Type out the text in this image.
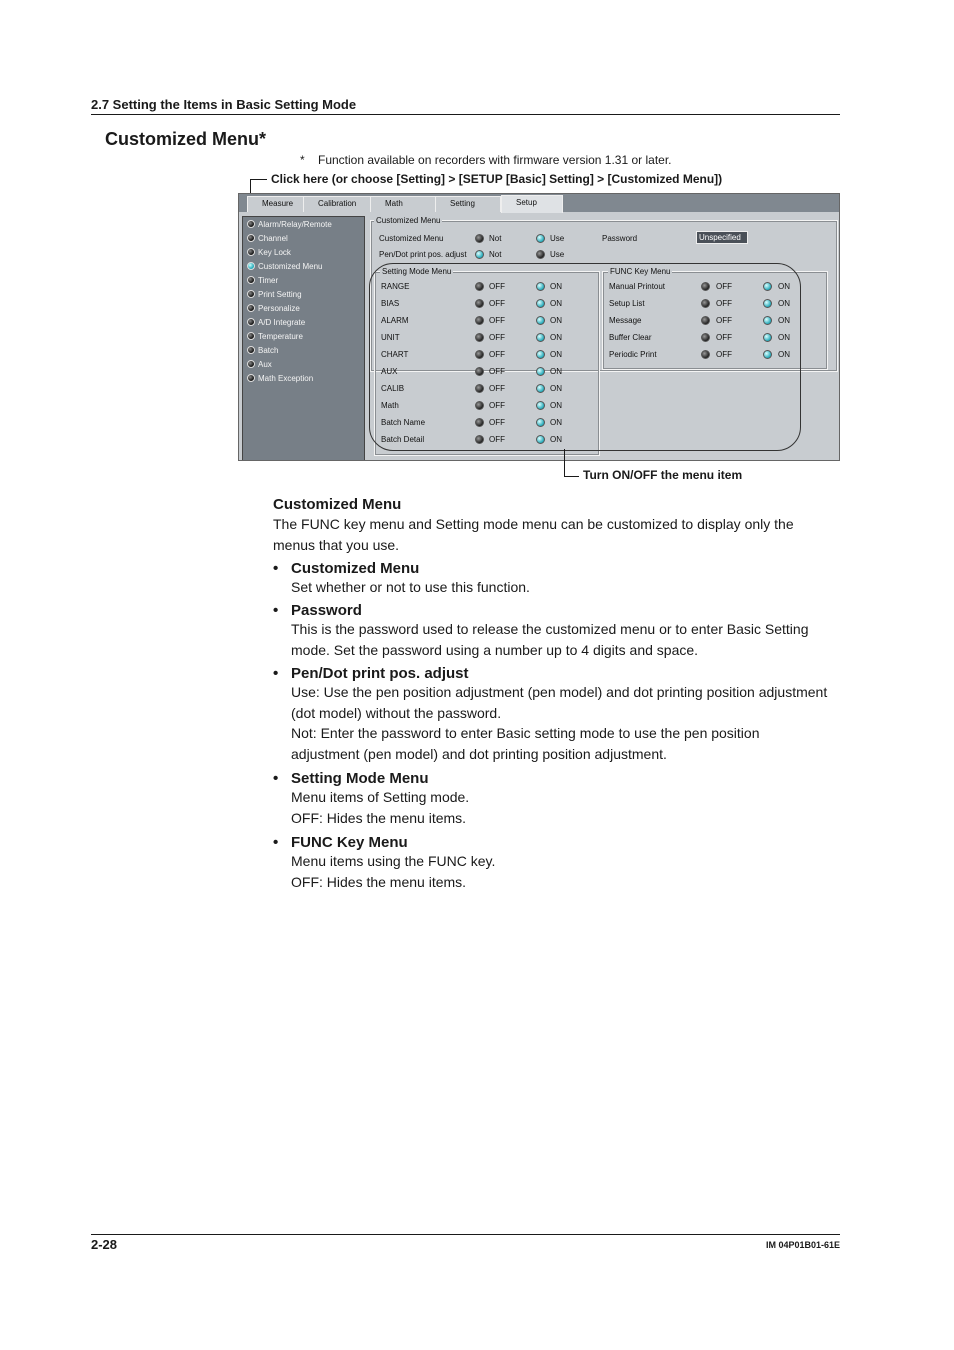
2.7 Setting the Items in Basic Setting Mode
Customized Menu*
* Function available on recorders with firmware version 1.31 or later.
Click here (or choose [Setting] > [SETUP [Basic] Setting] > [Customized Menu])
Measure	Calibration	Math	Setting	Setup
Alarm/Relay/Remote
Channel
Key Lock
Customized Menu
Timer
Print Setting
Personalize
A/D Integrate
Temperature
Batch
Aux
Math Exception
Customized Menu
Customized Menu	Not	Use	Password	Unspecified
Pen/Dot print pos. adjust	Not	Use
Setting Mode Menu
RANGE	OFF	ON
BIAS	OFF	ON
ALARM	OFF	ON
UNIT	OFF	ON
CHART	OFF	ON
AUX	OFF	ON
CALIB	OFF	ON
Math	OFF	ON
Batch Name	OFF	ON
Batch Detail	OFF	ON
FUNC Key Menu
Manual Printout	OFF	ON
Setup List	OFF	ON
Message	OFF	ON
Buffer Clear	OFF	ON
Periodic Print	OFF	ON
Turn ON/OFF the menu item
Customized Menu
The FUNC key menu and Setting mode menu can be customized to display only the
menus that you use.
• Customized Menu
Set whether or not to use this function.
• Password
This is the password used to release the customized menu or to enter Basic Setting
mode. Set the password using a number up to 4 digits and space.
• Pen/Dot print pos. adjust
Use: Use the pen position adjustment (pen model) and dot printing position adjustment
(dot model) without the password.
Not: Enter the password to enter Basic setting mode to use the pen position
adjustment (pen model) and dot printing position adjustment.
• Setting Mode Menu
Menu items of Setting mode.
OFF: Hides the menu items.
• FUNC Key Menu
Menu items using the FUNC key.
OFF: Hides the menu items.
2-28	IM 04P01B01-61E
